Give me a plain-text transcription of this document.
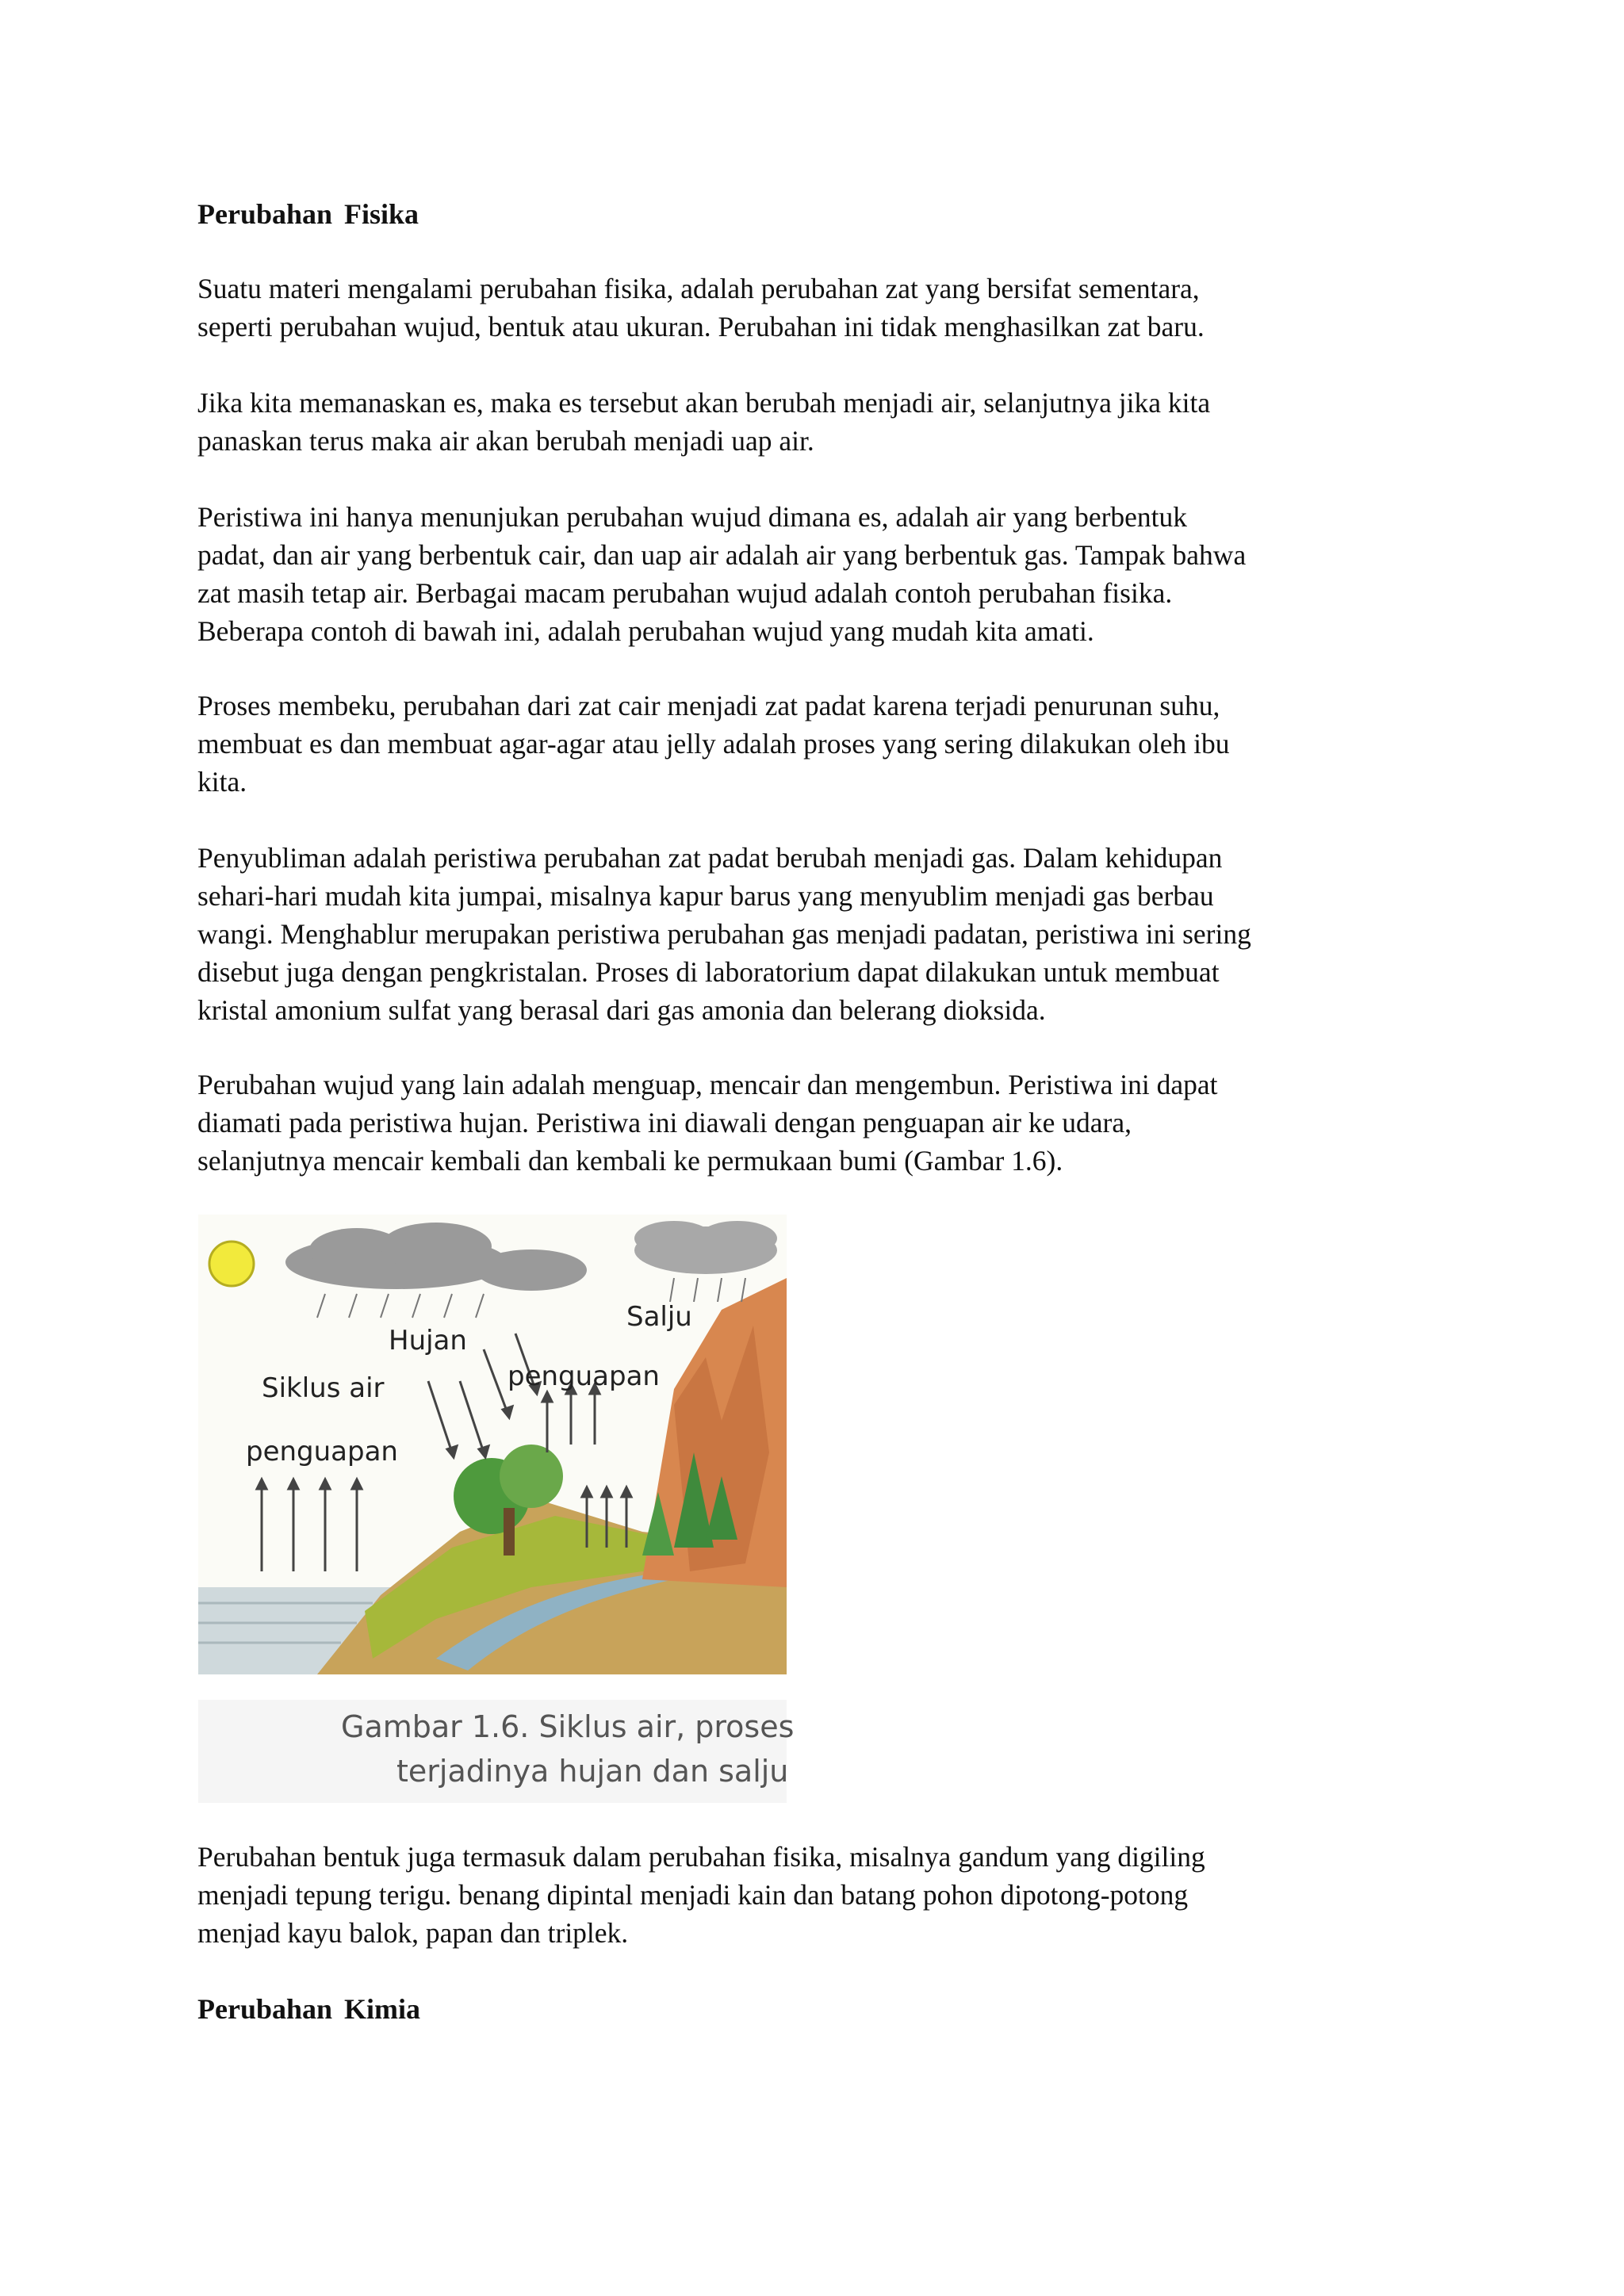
Perubahan Fisika

Suatu materi mengalami perubahan fisika, adalah perubahan zat yang bersifat sementara,
seperti perubahan wujud, bentuk atau ukuran. Perubahan ini tidak menghasilkan zat baru.

Jika kita memanaskan es, maka es tersebut akan berubah menjadi air, selanjutnya jika kita
panaskan terus maka air akan berubah menjadi uap air.

Peristiwa ini hanya menunjukan perubahan wujud dimana es, adalah air yang berbentuk
padat, dan air yang berbentuk cair, dan uap air adalah air yang berbentuk gas. Tampak bahwa
zat masih tetap air. Berbagai macam perubahan wujud adalah contoh perubahan fisika.
Beberapa contoh di bawah ini, adalah perubahan wujud yang mudah kita amati.

Proses membeku, perubahan dari zat cair menjadi zat padat karena terjadi penurunan suhu,
membuat es dan membuat agar-agar atau jelly adalah proses yang sering dilakukan oleh ibu
kita.

Penyubliman adalah peristiwa perubahan zat padat berubah menjadi gas. Dalam kehidupan
sehari-hari mudah kita jumpai, misalnya kapur barus yang menyublim menjadi gas berbau
wangi. Menghablur merupakan peristiwa perubahan gas menjadi padatan, peristiwa ini sering
disebut juga dengan pengkristalan. Proses di laboratorium dapat dilakukan untuk membuat
kristal amonium sulfat yang berasal dari gas amonia dan belerang dioksida.

Perubahan wujud yang lain adalah menguap, mencair dan mengembun. Peristiwa ini dapat
diamati pada peristiwa hujan. Peristiwa ini diawali dengan penguapan air ke udara,
selanjutnya mencair kembali dan kembali ke permukaan bumi (Gambar 1.6).

Hujan
Salju
Siklus air	penguapan
penguapan
Gambar 1.6. Siklus air, proses
terjadinya hujan dan salju

Perubahan bentuk juga termasuk dalam perubahan fisika, misalnya gandum yang digiling
menjadi tepung terigu. benang dipintal menjadi kain dan batang pohon dipotong-potong
menjad kayu balok, papan dan triplek.

Perubahan Kimia
